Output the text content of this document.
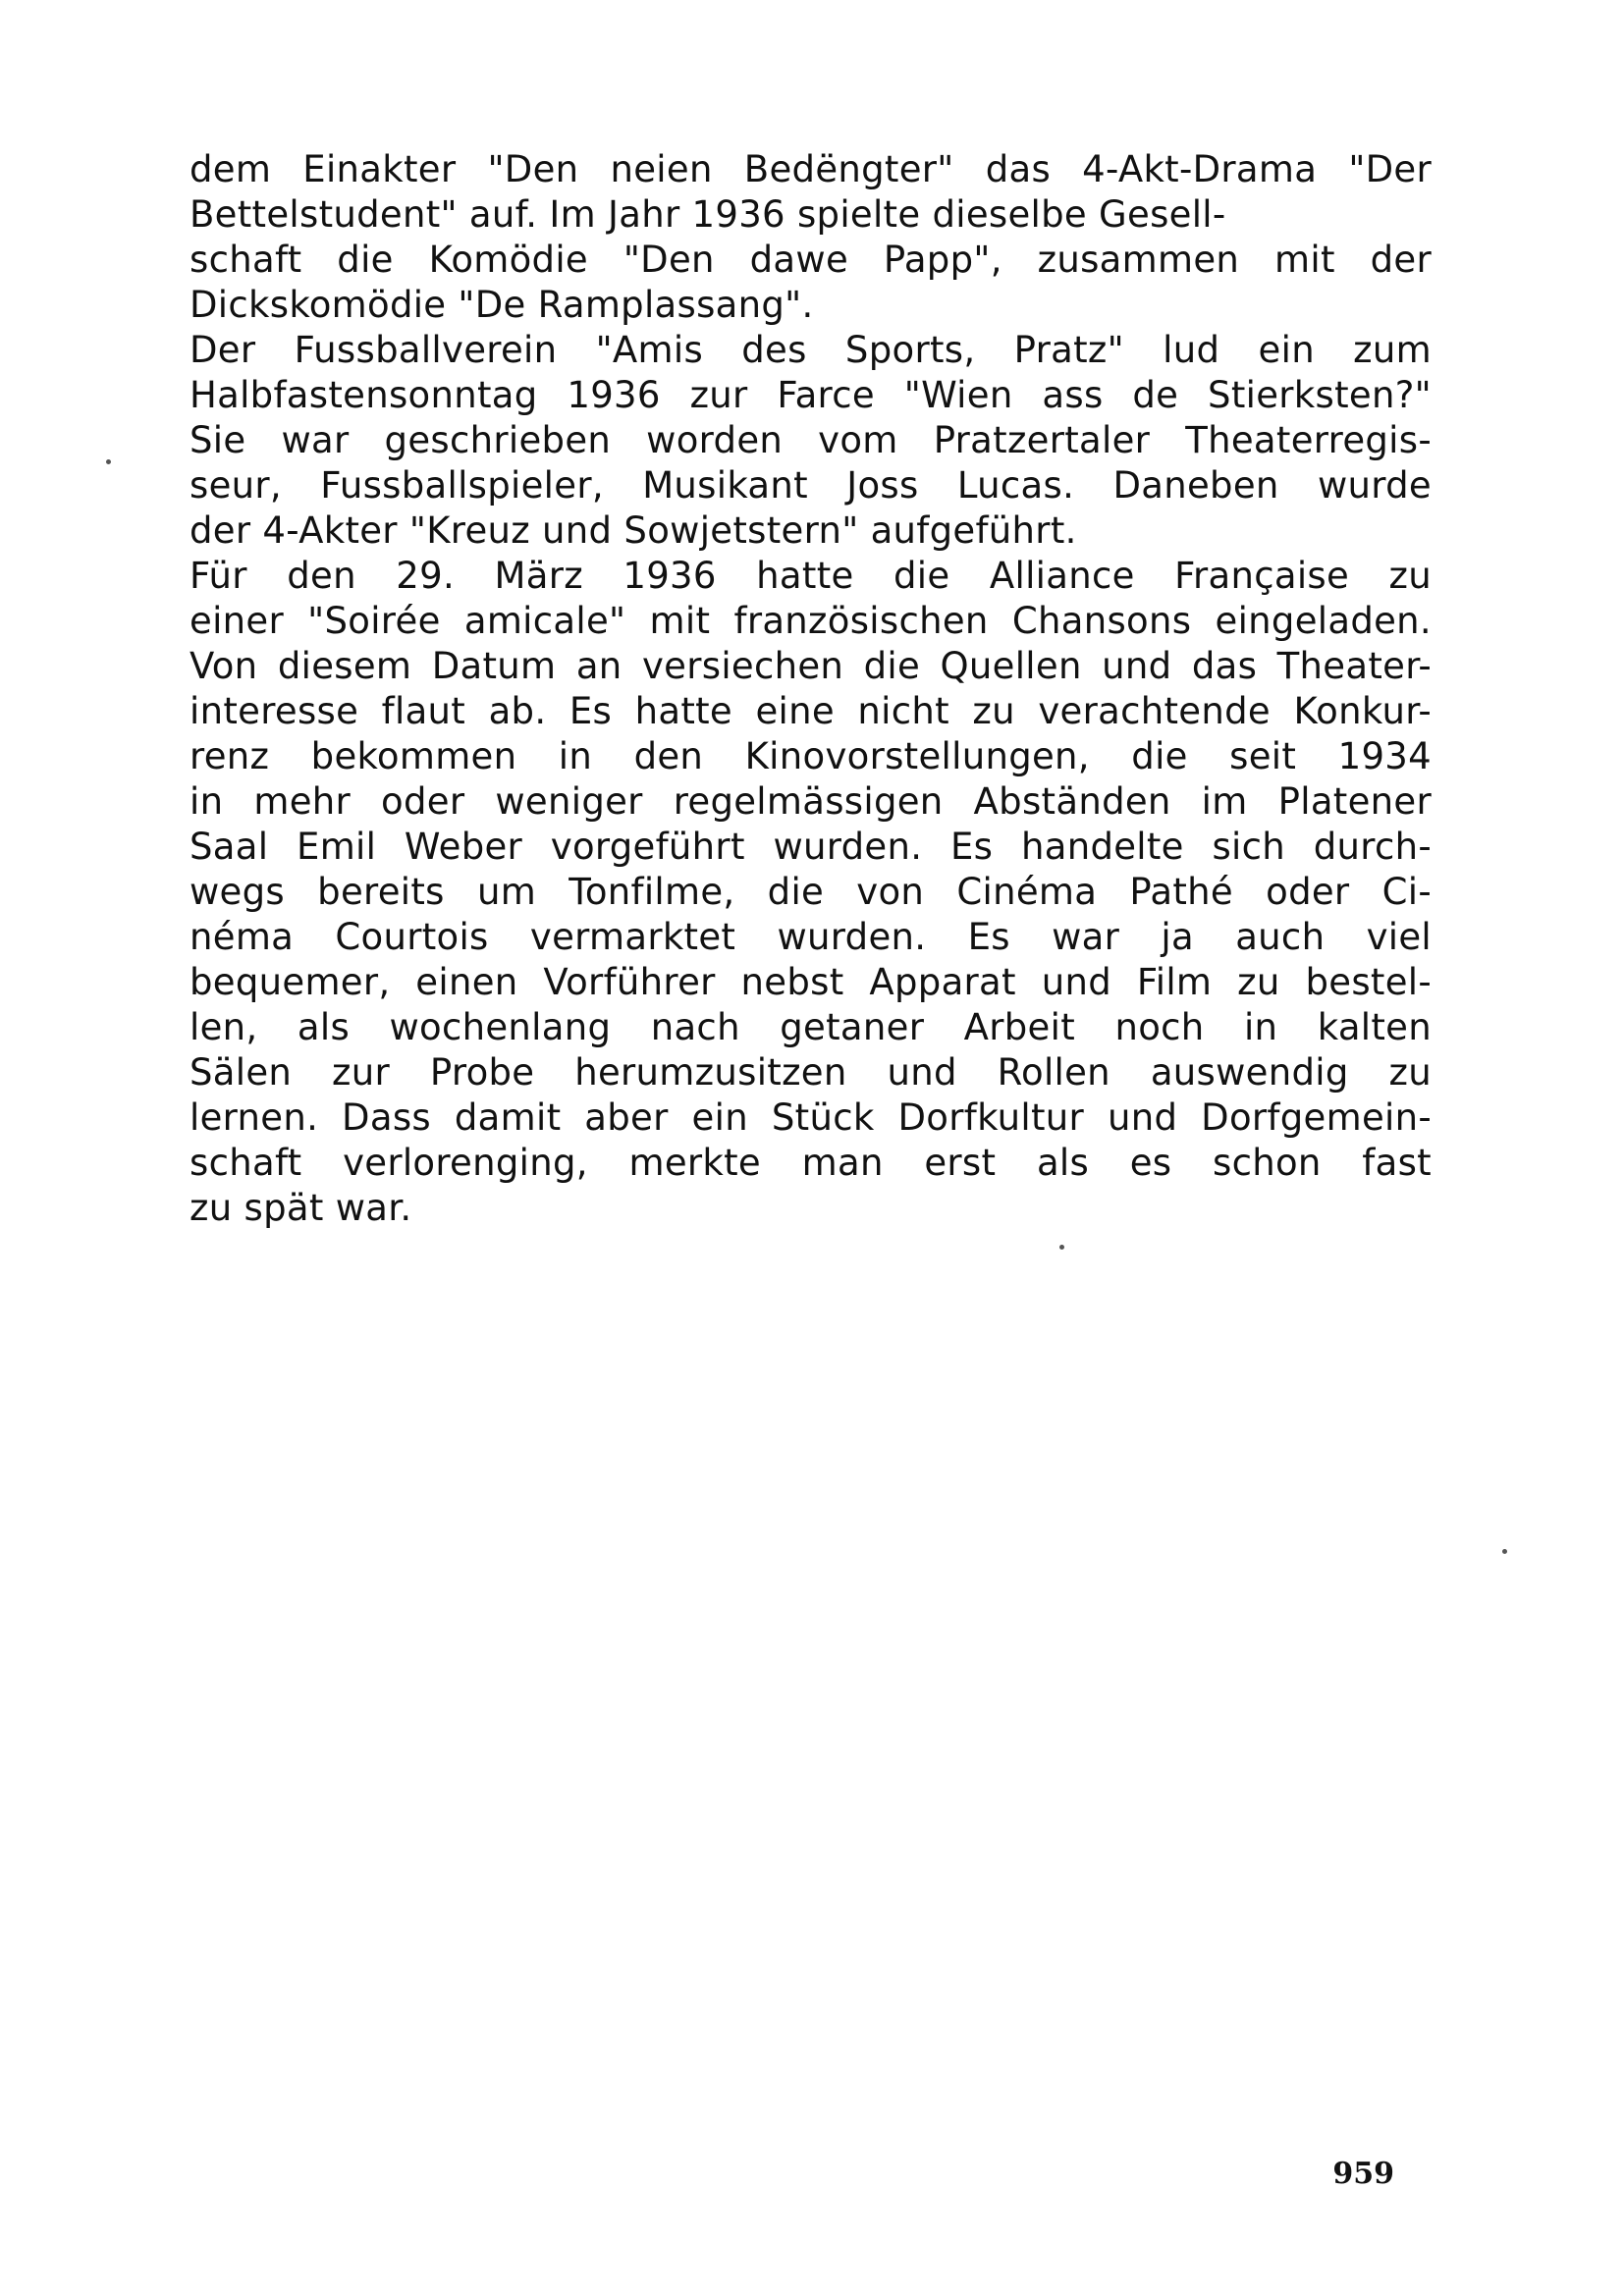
dem Einakter "Den neien Bedëngter" das 4-Akt-Drama "Der
Bettelstudent" auf. Im Jahr 1936 spielte dieselbe Gesell-
schaft die Komödie "Den dawe Papp", zusammen mit der
Dickskomödie "De Ramplassang".
Der Fussballverein "Amis des Sports, Pratz" lud ein zum
Halbfastensonntag 1936 zur Farce "Wien ass de Stierksten?"
Sie war geschrieben worden vom Pratzertaler Theaterregis-
seur, Fussballspieler, Musikant Joss Lucas. Daneben wurde
der 4-Akter "Kreuz und Sowjetstern" aufgeführt.
Für den 29. März 1936 hatte die Alliance Française zu
einer "Soirée amicale" mit französischen Chansons eingeladen.
Von diesem Datum an versiechen die Quellen und das Theater-
interesse flaut ab. Es hatte eine nicht zu verachtende Konkur-
renz bekommen in den Kinovorstellungen, die seit 1934
in mehr oder weniger regelmässigen Abständen im Platener
Saal Emil Weber vorgeführt wurden. Es handelte sich durch-
wegs bereits um Tonfilme, die von Cinéma Pathé oder Ci-
néma Courtois vermarktet wurden. Es war ja auch viel
bequemer, einen Vorführer nebst Apparat und Film zu bestel-
len, als wochenlang nach getaner Arbeit noch in kalten
Sälen zur Probe herumzusitzen und Rollen auswendig zu
lernen. Dass damit aber ein Stück Dorfkultur und Dorfgemein-
schaft verlorenging, merkte man erst als es schon fast
zu spät war.
959
